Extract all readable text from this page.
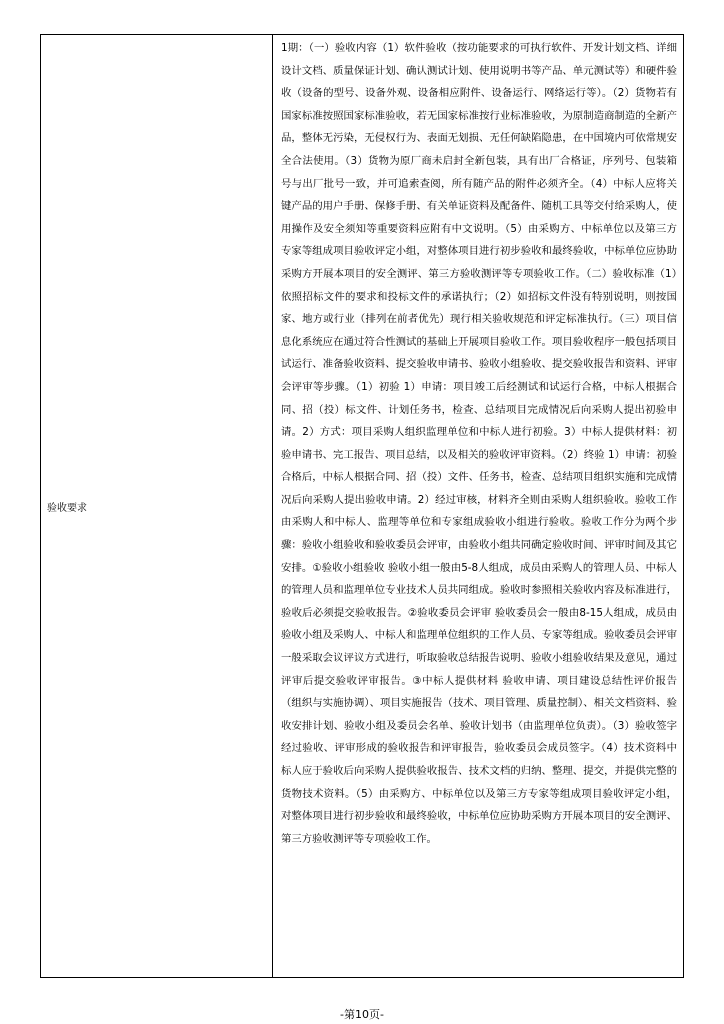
验收要求
1期：（一）验收内容（1）软件验收（按功能要求的可执行软件、开发计划文档、详细设计文档、质量保证计划、确认测试计划、使用说明书等产品、单元测试等）和硬件验收（设备的型号、设备外观、设备相应附件、设备运行、网络运行等）。（2）货物若有国家标准按照国家标准验收，若无国家标准按行业标准验收，为原制造商制造的全新产品，整体无污染，无侵权行为、表面无划损、无任何缺陷隐患，在中国境内可依常规安全合法使用。（3）货物为原厂商未启封全新包装，具有出厂合格证，序列号、包装箱号与出厂批号一致，并可追索查阅，所有随产品的附件必须齐全。（4）中标人应将关键产品的用户手册、保修手册、有关单证资料及配备件、随机工具等交付给采购人，使用操作及安全须知等重要资料应附有中文说明。（5）由采购方、中标单位以及第三方专家等组成项目验收评定小组，对整体项目进行初步验收和最终验收，中标单位应协助采购方开展本项目的安全测评、第三方验收测评等专项验收工作。（二）验收标准（1）依照招标文件的要求和投标文件的承诺执行；（2）如招标文件没有特别说明，则按国家、地方或行业（排列在前者优先）现行相关验收规范和评定标准执行。（三）项目信息化系统应在通过符合性测试的基础上开展项目验收工作。项目验收程序一般包括项目试运行、准备验收资料、提交验收申请书、验收小组验收、提交验收报告和资料、评审会评审等步骤。（1）初验 1）申请：项目竣工后经测试和试运行合格，中标人根据合同、招（投）标文件、计划任务书，检查、总结项目完成情况后向采购人提出初验申请。2）方式：项目采购人组织监理单位和中标人进行初验。3）中标人提供材料：初验申请书、完工报告、项目总结，以及相关的验收评审资料。（2）终验 1）申请：初验合格后，中标人根据合同、招（投）文件、任务书，检查、总结项目组织实施和完成情况后向采购人提出验收申请。2）经过审核，材料齐全则由采购人组织验收。验收工作由采购人和中标人、监理等单位和专家组成验收小组进行验收。验收工作分为两个步骤：验收小组验收和验收委员会评审，由验收小组共同确定验收时间、评审时间及其它安排。①验收小组验收 验收小组一般由5-8人组成，成员由采购人的管理人员、中标人的管理人员和监理单位专业技术人员共同组成。验收时参照相关验收内容及标准进行，验收后必须提交验收报告。②验收委员会评审 验收委员会一般由8-15人组成，成员由验收小组及采购人、中标人和监理单位组织的工作人员、专家等组成。验收委员会评审一般采取会议评议方式进行，听取验收总结报告说明、验收小组验收结果及意见，通过评审后提交验收评审报告。③中标人提供材料 验收申请、项目建设总结性评价报告（组织与实施协调）、项目实施报告（技术、项目管理、质量控制）、相关文档资料、验收安排计划、验收小组及委员会名单、验收计划书（由监理单位负责）。（3）验收签字经过验收、评审形成的验收报告和评审报告，验收委员会成员签字。（4）技术资料中标人应于验收后向采购人提供验收报告、技术文档的归纳、整理、提交，并提供完整的货物技术资料。（5）由采购方、中标单位以及第三方专家等组成项目验收评定小组，对整体项目进行初步验收和最终验收，中标单位应协助采购方开展本项目的安全测评、第三方验收测评等专项验收工作。
-第10页-
